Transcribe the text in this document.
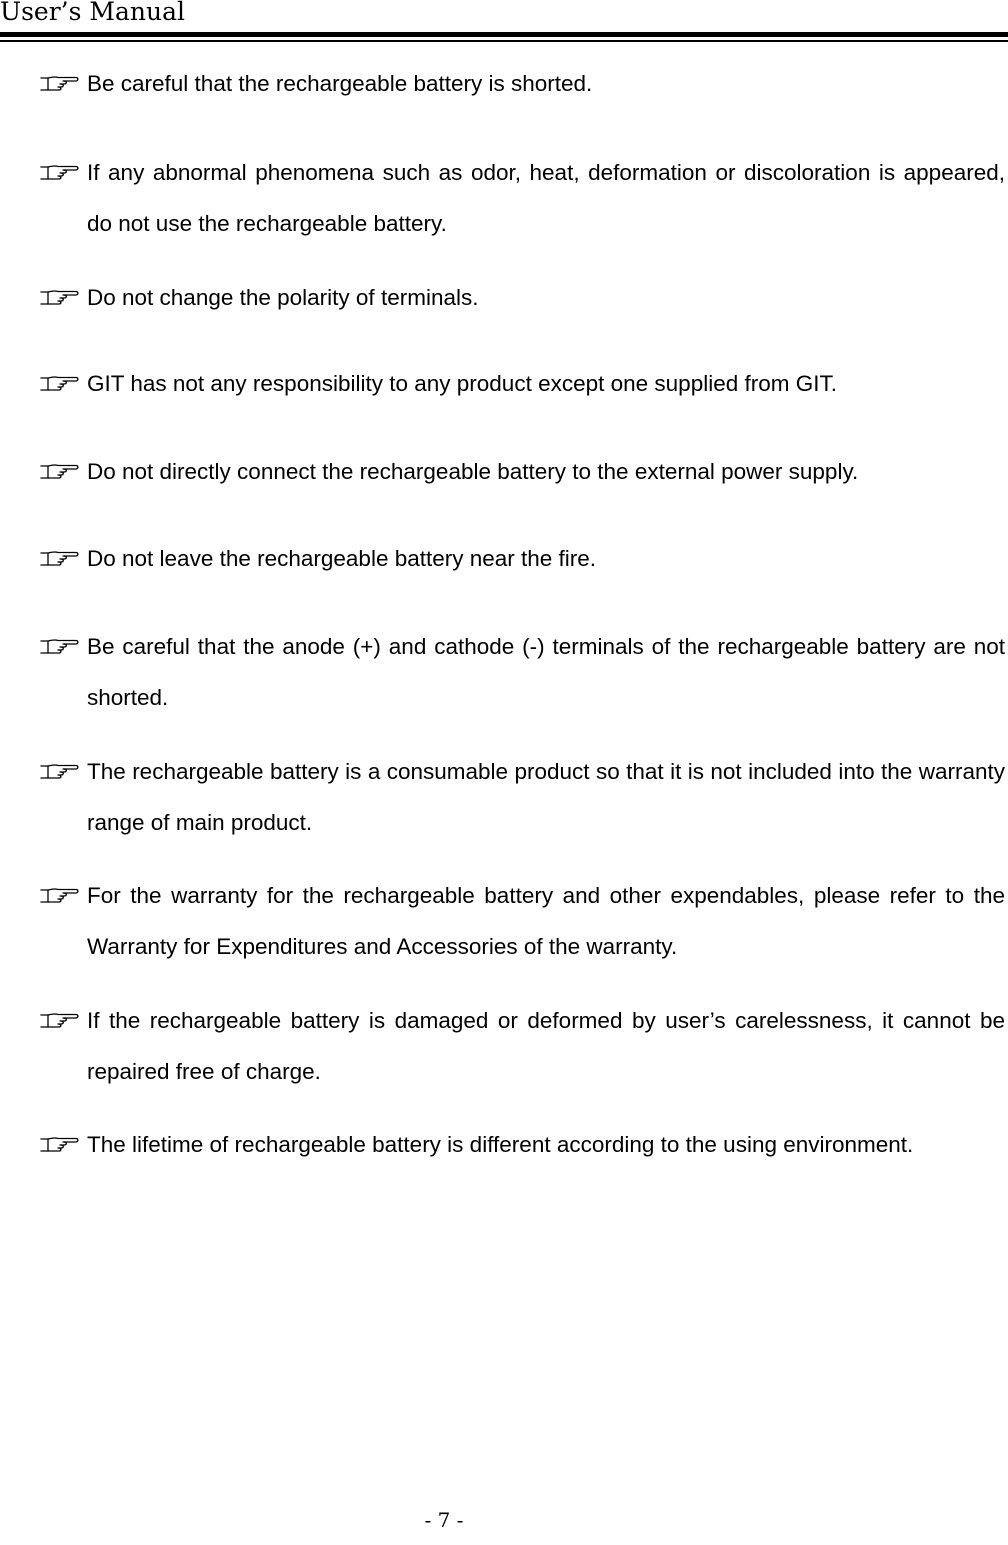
User’s Manual
Be careful that the rechargeable battery is shorted.
If any abnormal phenomena such as odor, heat, deformation or discoloration is appeared, do not use the rechargeable battery.
Do not change the polarity of terminals.
GIT has not any responsibility to any product except one supplied from GIT.
Do not directly connect the rechargeable battery to the external power supply.
Do not leave the rechargeable battery near the fire.
Be careful that the anode (+) and cathode (-) terminals of the rechargeable battery are not shorted.
The rechargeable battery is a consumable product so that it is not included into the warranty range of main product.
For the warranty for the rechargeable battery and other expendables, please refer to the Warranty for Expenditures and Accessories of the warranty.
If the rechargeable battery is damaged or deformed by user’s carelessness, it cannot be repaired free of charge.
The lifetime of rechargeable battery is different according to the using environment.
- 7 -
